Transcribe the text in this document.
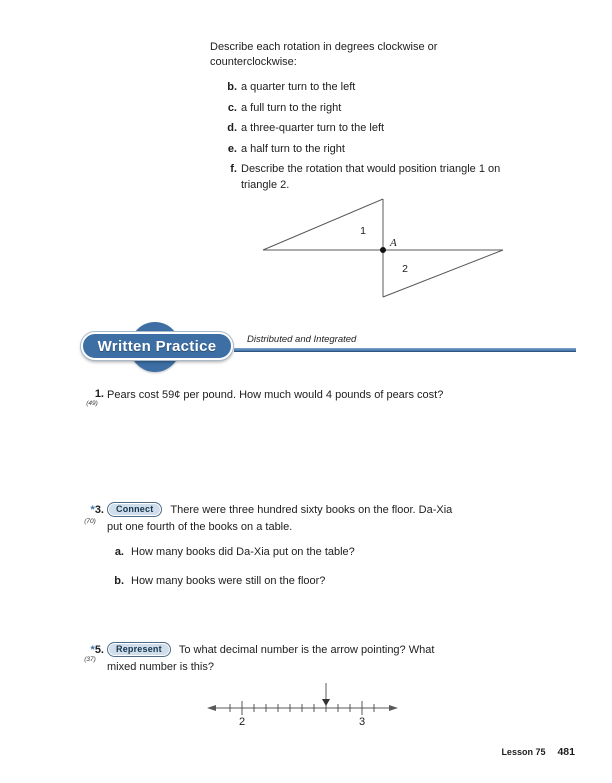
Describe each rotation in degrees clockwise or
counterclockwise:
b. a quarter turn to the left
c. a full turn to the right
d. a three-quarter turn to the left
e. a half turn to the right
f. Describe the rotation that would position triangle 1 on
triangle 2.
1
A
2
Written Practice	Distributed and Integrated
1.
(49)
Pears cost 59¢ per pound. How much would 4 pounds of pears cost?
*3.
(70)
Connect	There were three hundred sixty books on the floor. Da-Xia
put one fourth of the books on a table.
a. How many books did Da-Xia put on the table?
b. How many books were still on the floor?
*5.
(37)
Represent	To what decimal number is the arrow pointing? What
mixed number is this?
2	3
Lesson 75 481
